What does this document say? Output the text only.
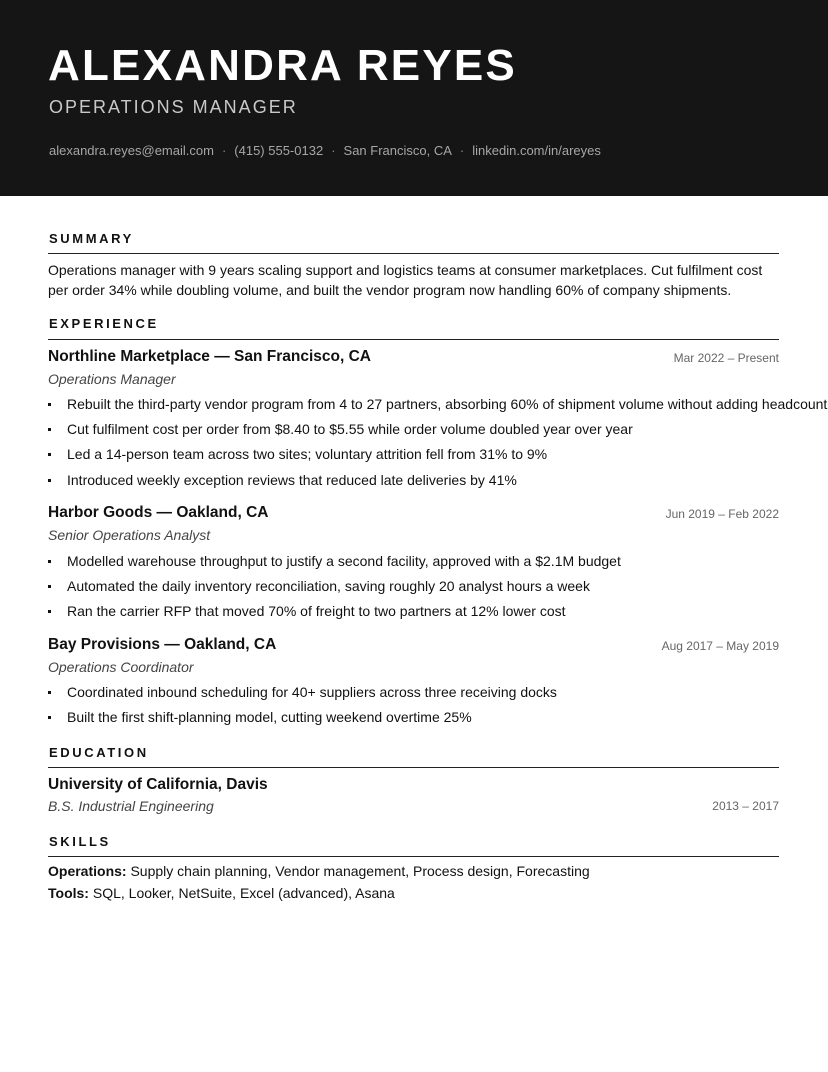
ALEXANDRA REYES
OPERATIONS MANAGER
alexandra.reyes@email.com · (415) 555-0132 · San Francisco, CA · linkedin.com/in/areyes
SUMMARY
Operations manager with 9 years scaling support and logistics teams at consumer marketplaces. Cut fulfilment cost per order 34% while doubling volume, and built the vendor program now handling 60% of company shipments.
EXPERIENCE
Northline Marketplace — San Francisco, CA	Mar 2022 – Present
Operations Manager
Rebuilt the third-party vendor program from 4 to 27 partners, absorbing 60% of shipment volume without adding headcount
Cut fulfilment cost per order from $8.40 to $5.55 while order volume doubled year over year
Led a 14-person team across two sites; voluntary attrition fell from 31% to 9%
Introduced weekly exception reviews that reduced late deliveries by 41%
Harbor Goods — Oakland, CA	Jun 2019 – Feb 2022
Senior Operations Analyst
Modelled warehouse throughput to justify a second facility, approved with a $2.1M budget
Automated the daily inventory reconciliation, saving roughly 20 analyst hours a week
Ran the carrier RFP that moved 70% of freight to two partners at 12% lower cost
Bay Provisions — Oakland, CA	Aug 2017 – May 2019
Operations Coordinator
Coordinated inbound scheduling for 40+ suppliers across three receiving docks
Built the first shift-planning model, cutting weekend overtime 25%
EDUCATION
University of California, Davis
B.S. Industrial Engineering	2013 – 2017
SKILLS
Operations: Supply chain planning, Vendor management, Process design, Forecasting
Tools: SQL, Looker, NetSuite, Excel (advanced), Asana
